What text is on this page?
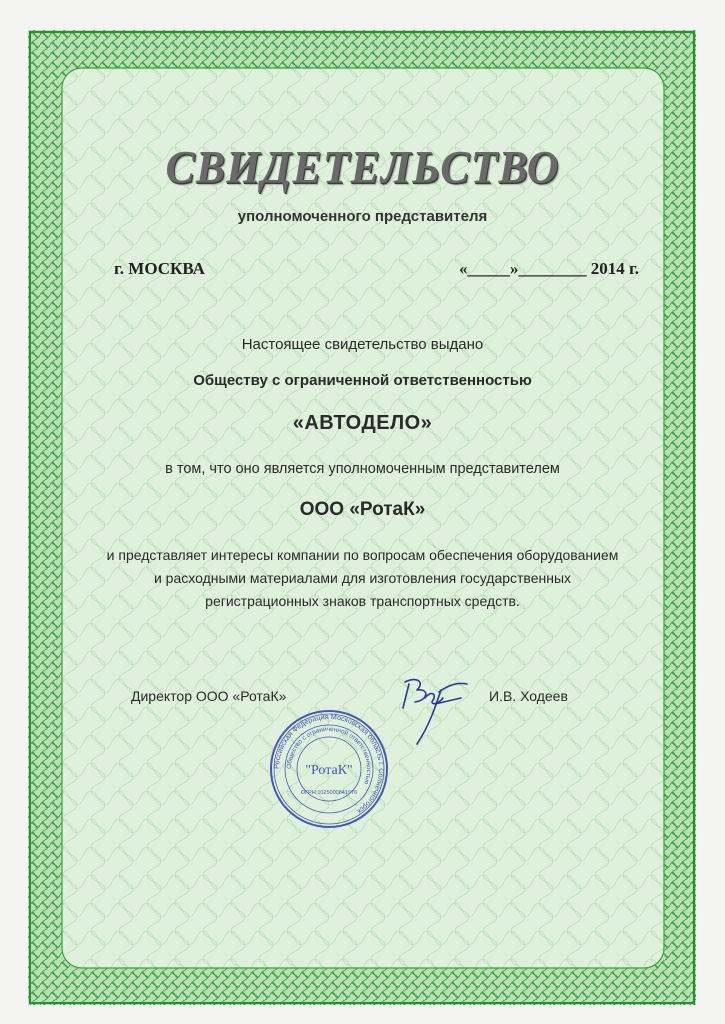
СВИДЕТЕЛЬСТВО
уполномоченного представителя
г. МОСКВА	«_____»________ 2014 г.
Настоящее свидетельство выдано
Обществу с ограниченной ответственностью
«АВТОДЕЛО»
в том, что оно является уполномоченным представителем
ООО «РотаК»
и представляет интересы компании по вопросам обеспечения оборудованием
и расходными материалами для изготовления государственных
регистрационных знаков транспортных средств.
Директор ООО «РотаК»	И.В. Ходеев
Российская Федерация Московская область г. Солнечногорск
Общество с ограниченной ответственностью
"РотаК"
ОГРН 1025000841976
